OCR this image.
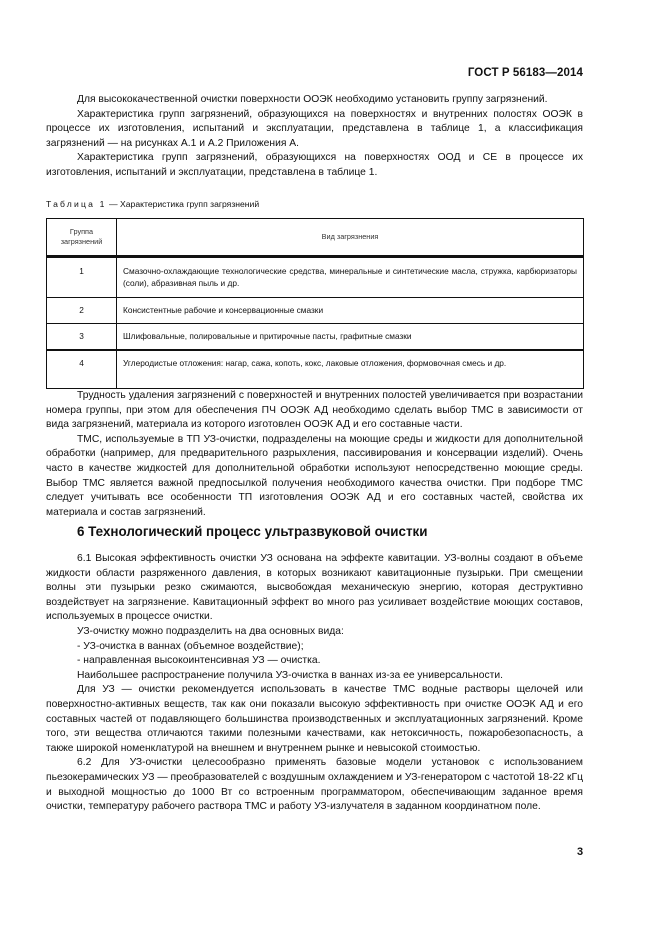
ГОСТ Р 56183—2014

Для высококачественной очистки поверхности ООЭК необходимо установить группу загрязнений.

Характеристика групп загрязнений, образующихся на поверхностях и внутренних полостях ООЭК в процессе их изготовления, испытаний и эксплуатации, представлена в таблице 1, а классификация загрязнений — на рисунках А.1 и А.2 Приложения А.

Характеристика групп загрязнений, образующихся на поверхностях ООД и СЕ в процессе их изготовления, испытаний и эксплуатации, представлена в таблице 1.

Таблица 1 — Характеристика групп загрязнений
Группа загрязнений	Вид загрязнения
1	Смазочно-охлаждающие технологические средства, минеральные и синтетические масла, стружка, карбюризаторы (соли), абразивная пыль и др.
2	Консистентные рабочие и консервационные смазки
3	Шлифовальные, полировальные и притирочные пасты, графитные смазки
4	Углеродистые отложения: нагар, сажа, копоть, кокс, лаковые отложения, формовочная смесь и др.

Трудность удаления загрязнений с поверхностей и внутренних полостей увеличивается при возрастании номера группы, при этом для обеспечения ПЧ ООЭК АД необходимо сделать выбор ТМС в зависимости от вида загрязнений, материала из которого изготовлен ООЭК АД и его составные части.

ТМС, используемые в ТП УЗ-очистки, подразделены на моющие среды и жидкости для дополнительной обработки (например, для предварительного разрыхления, пассивирования и консервации изделий). Очень часто в качестве жидкостей для дополнительной обработки используют непосредственно моющие среды. Выбор ТМС является важной предпосылкой получения необходимого качества очистки. При подборе ТМС следует учитывать все особенности ТП изготовления ООЭК АД и его составных частей, свойства их материала и состав загрязнений.

6 Технологический процесс ультразвуковой очистки

6.1 Высокая эффективность очистки УЗ основана на эффекте кавитации. УЗ-волны создают в объеме жидкости области разряженного давления, в которых возникают кавитационные пузырьки. При смещении волны эти пузырьки резко сжимаются, высвобождая механическую энергию, которая деструктивно воздействует на загрязнение. Кавитационный эффект во много раз усиливает воздействие моющих составов, используемых в процессе очистки.

УЗ-очистку можно подразделить на два основных вида:

- УЗ-очистка в ваннах (объемное воздействие);

- направленная высокоинтенсивная УЗ — очистка.

Наибольшее распространение получила УЗ-очистка в ваннах из-за ее универсальности.

Для УЗ — очистки рекомендуется использовать в качестве ТМС водные растворы щелочей или поверхностно-активных веществ, так как они показали высокую эффективность при очистке ООЭК АД и его составных частей от подавляющего большинства производственных и эксплуатационных загрязнений. Кроме того, эти вещества отличаются такими полезными качествами, как нетоксичность, пожаробезопасность, а также широкой номенклатурой на внешнем и внутреннем рынке и невысокой стоимостью.

6.2 Для УЗ-очистки целесообразно применять базовые модели установок с использованием пьезокерамических УЗ — преобразователей с воздушным охлаждением и УЗ-генератором с частотой 18-22 кГц и выходной мощностью до 1000 Вт со встроенным программатором, обеспечивающим заданное время очистки, температуру рабочего раствора ТМС и работу УЗ-излучателя в заданном координатном поле.

3
